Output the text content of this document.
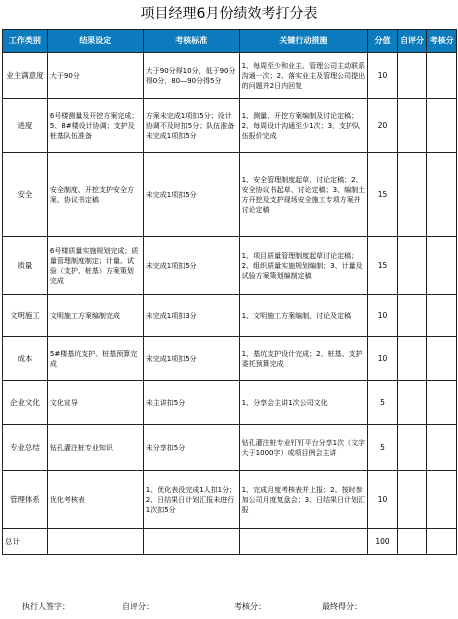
项目经理6月份绩效考打分表
工作类别	结果设定	考核标准	关键行动措施	分值	自评分	考核分
业主满意度	大于90分	大于90分得10分，低于90分得0分，80—90分得5分	1、每周至少和业主、管理公司主动联系沟通一次；2、落实业主及管理公司提出的问题并2日内回复	10		
进度	6号楼测量及开挖方案完成；5、8#楼设计协调；支护及桩基队伍准备	方案未完成1项扣5分；设计协调不及时扣5分；队伍准备未完成1项扣5分	1、测量、开挖方案编制及讨论定稿；2、每周设计沟通至少1次；3、支护队伍报价完成	20		
安全	安全制度、开挖支护安全方案、协议书定稿	未完成1项扣5分	1、安全管理制度起草、讨论定稿；2、安全协议书起草、讨论定稿；3、编制土方开挖及支护现场安全施工专项方案并讨论定稿	15		
质量	6号楼质量实施规划完成；质量管理制度制定；计量、试验（支护、桩基）方案策划完成	未完成1项扣5分	1、项目质量管理制度起草讨论定稿；2、组织质量实施规划编制；3、计量及试验方案策划编制定稿	15		
文明施工	文明施工方案编制完成	未完成1项扣3分	1、文明施工方案编制、讨论及定稿	10		
成本	5#楼基坑支护、桩基预算完成	未完成1项扣5分	1、基坑支护设计完成；2、桩基、支护委托预算完成	10		
企业文化	文化宣导	未主讲扣5分	1、分享会主讲1次公司文化	5		
专业总结	钻孔灌注桩专业知识	未分享扣5分	钻孔灌注桩专业钉钉平台分享1次（文字大于1000字）或项目例会主讲	5		
管理体系	优化考核表	1、优化表没完成1人扣1分；2、日结果日计划汇报未进行1次扣5分	1、完成月度考核表并上报；2、按时参加公司月度复盘会；3、日结果日计划汇报	10		
总计				100		
执行人签字：	自评分：	考核分：	最终得分：
